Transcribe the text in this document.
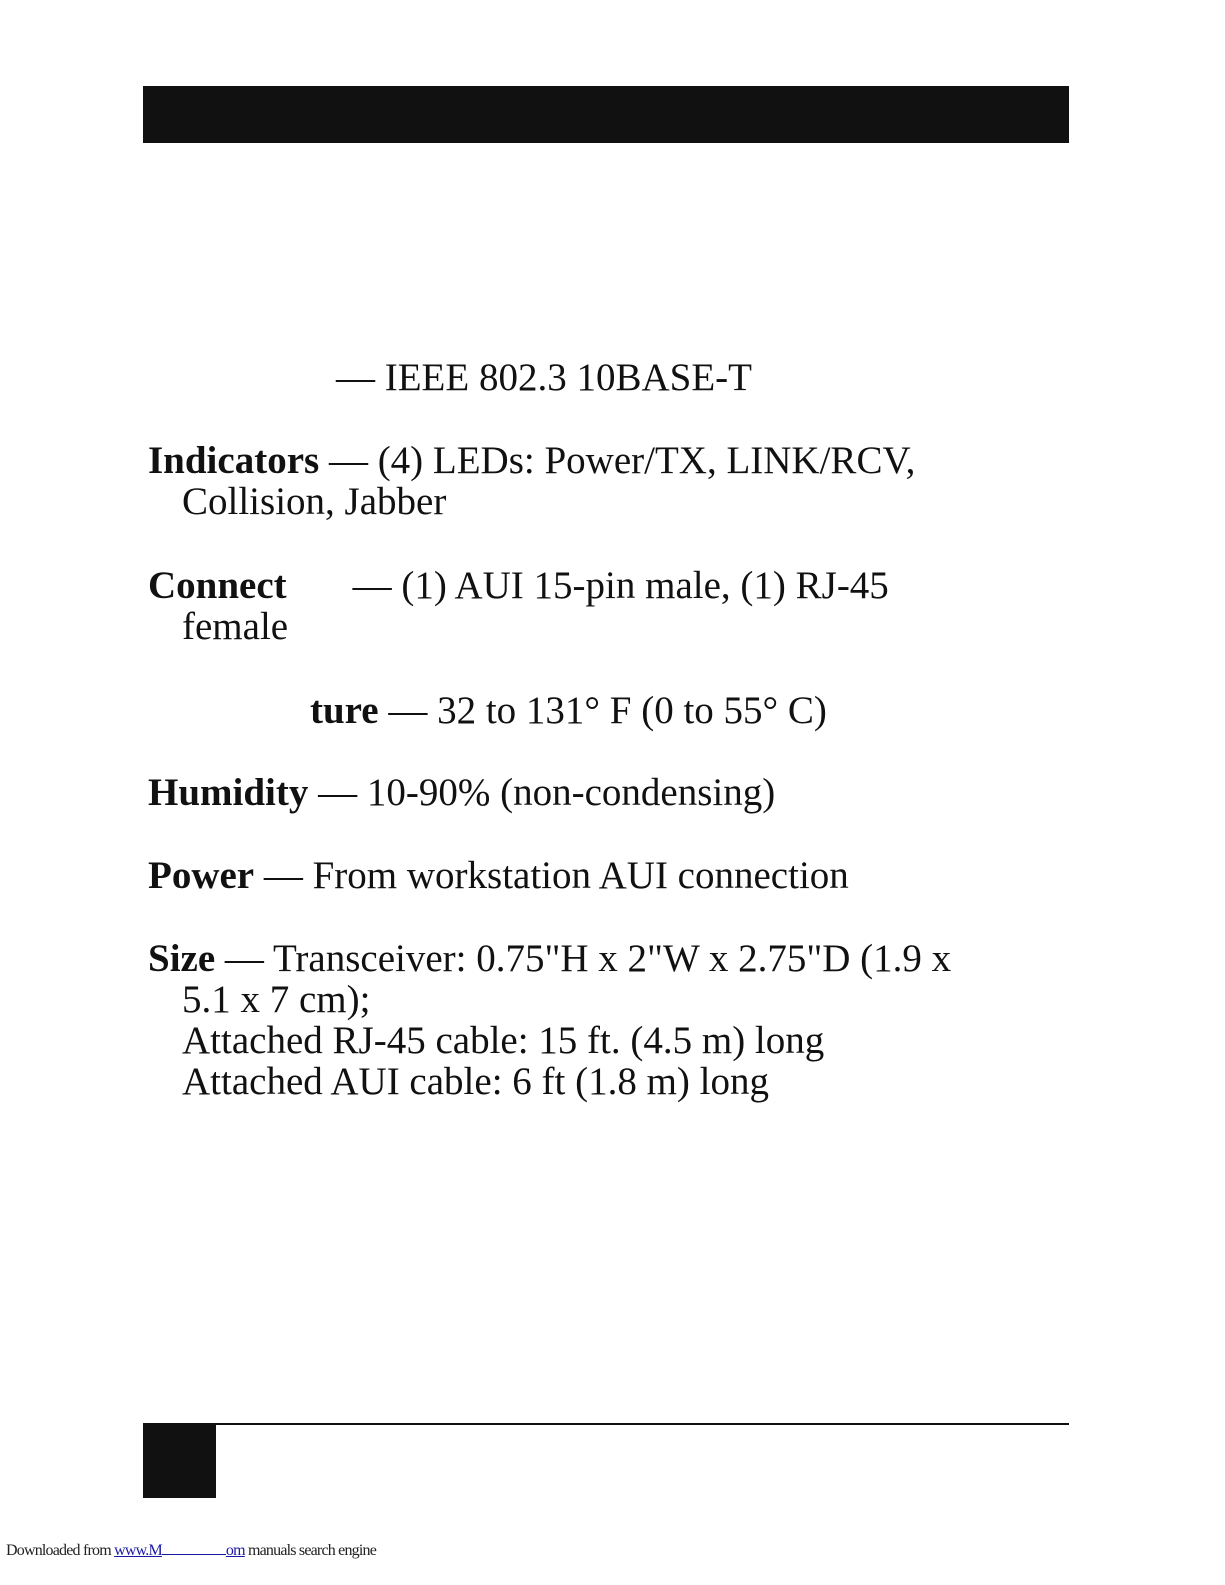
— IEEE 802.3 10BASE-T
Indicators — (4) LEDs: Power/TX, LINK/RCV,
Collision, Jabber
Connect — (1) AUI 15-pin male, (1) RJ-45
female
ture — 32 to 131° F (0 to 55° C)
Humidity — 10-90% (non-condensing)
Power — From workstation AUI connection
Size — Transceiver: 0.75"H x 2"W x 2.75"D (1.9 x
5.1 x 7 cm);
Attached RJ-45 cable: 15 ft. (4.5 m) long
Attached AUI cable: 6 ft (1.8 m) long
Downloaded from www.M	om manuals search engine
